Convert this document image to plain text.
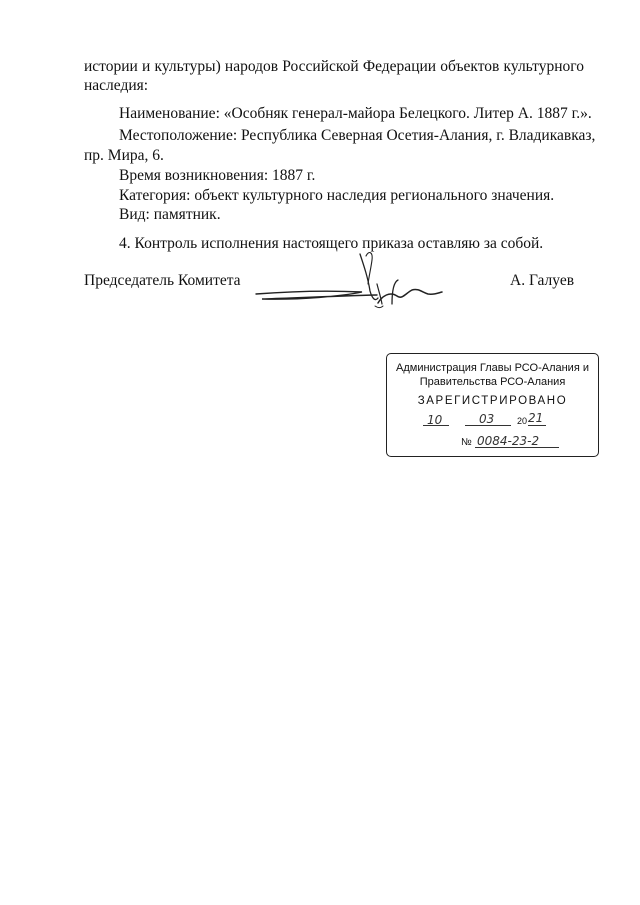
истории и культуры) народов Российской Федерации объектов культурного
наследия:
Наименование: «Особняк генерал-майора Белецкого. Литер А. 1887 г.».
Местоположение: Республика Северная Осетия-Алания, г. Владикавказ,
пр. Мира, 6.
Время возникновения: 1887 г.
Категория: объект культурного наследия регионального значения.
Вид: памятник.
4. Контроль исполнения настоящего приказа оставляю за собой.
Председатель Комитета	А. Галуев
Администрация Главы РСО-Алания и
Правительства РСО-Алания
ЗАРЕГИСТРИРОВАНО
10	03	20 21
№ 0084-23-2
